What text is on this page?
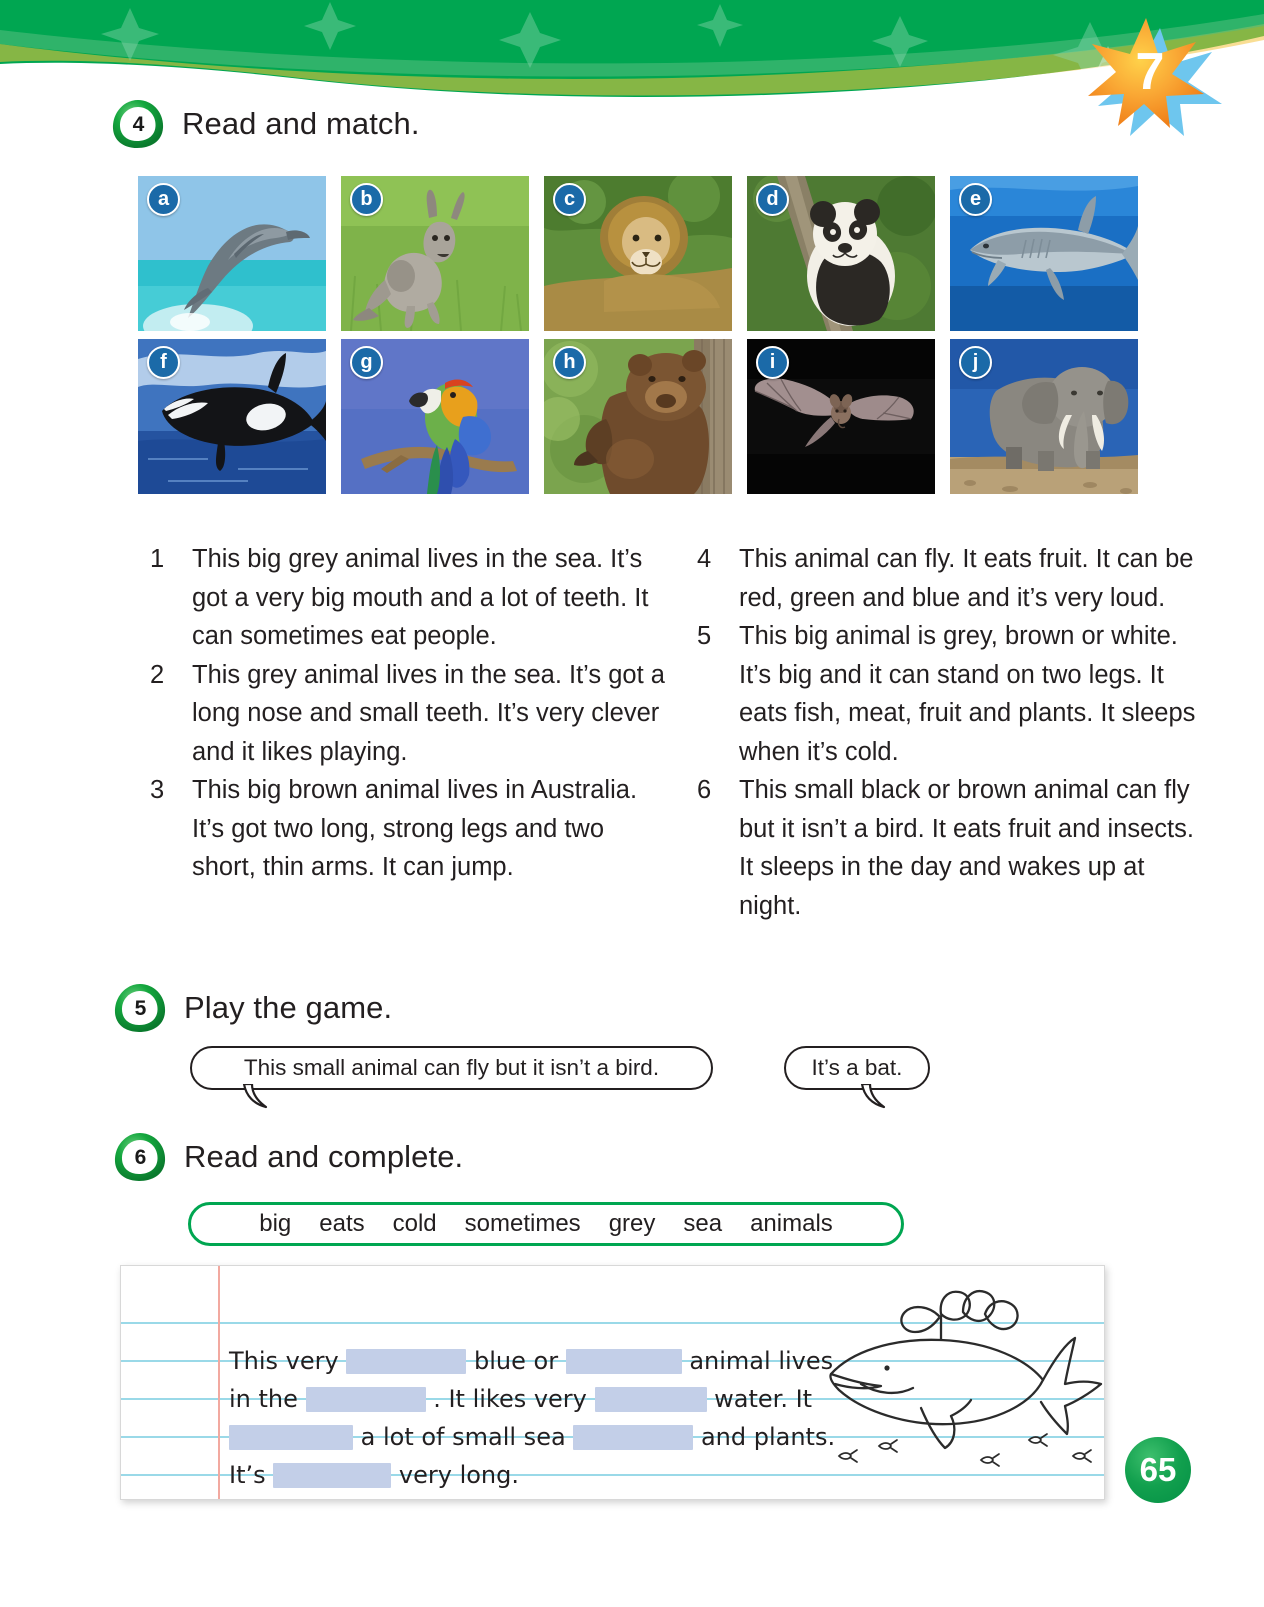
7
4	Read and match.
a	b	c	d	e
f	g	h	i	j
1	This big grey animal lives in the sea. It’s got a very big mouth and a lot of teeth. It can sometimes eat people.
2	This grey animal lives in the sea. It’s got a long nose and small teeth. It’s very clever and it likes playing.
3	This big brown animal lives in Australia. It’s got two long, strong legs and two short, thin arms. It can jump.
4	This animal can fly. It eats fruit. It can be red, green and blue and it’s very loud.
5	This big animal is grey, brown or white. It’s big and it can stand on two legs. It eats fish, meat, fruit and plants. It sleeps when it’s cold.
6	This small black or brown animal can fly but it isn’t a bird. It eats fruit and insects. It sleeps in the day and wakes up at night.
5	Play the game.
This small animal can fly but it isn’t a bird.	It’s a bat.
6	Read and complete.
big eats cold sometimes grey sea animals
This very	blue or	animal lives in the	. It likes very	water. It  a lot of small sea	and plants. It’s	very long.	65
